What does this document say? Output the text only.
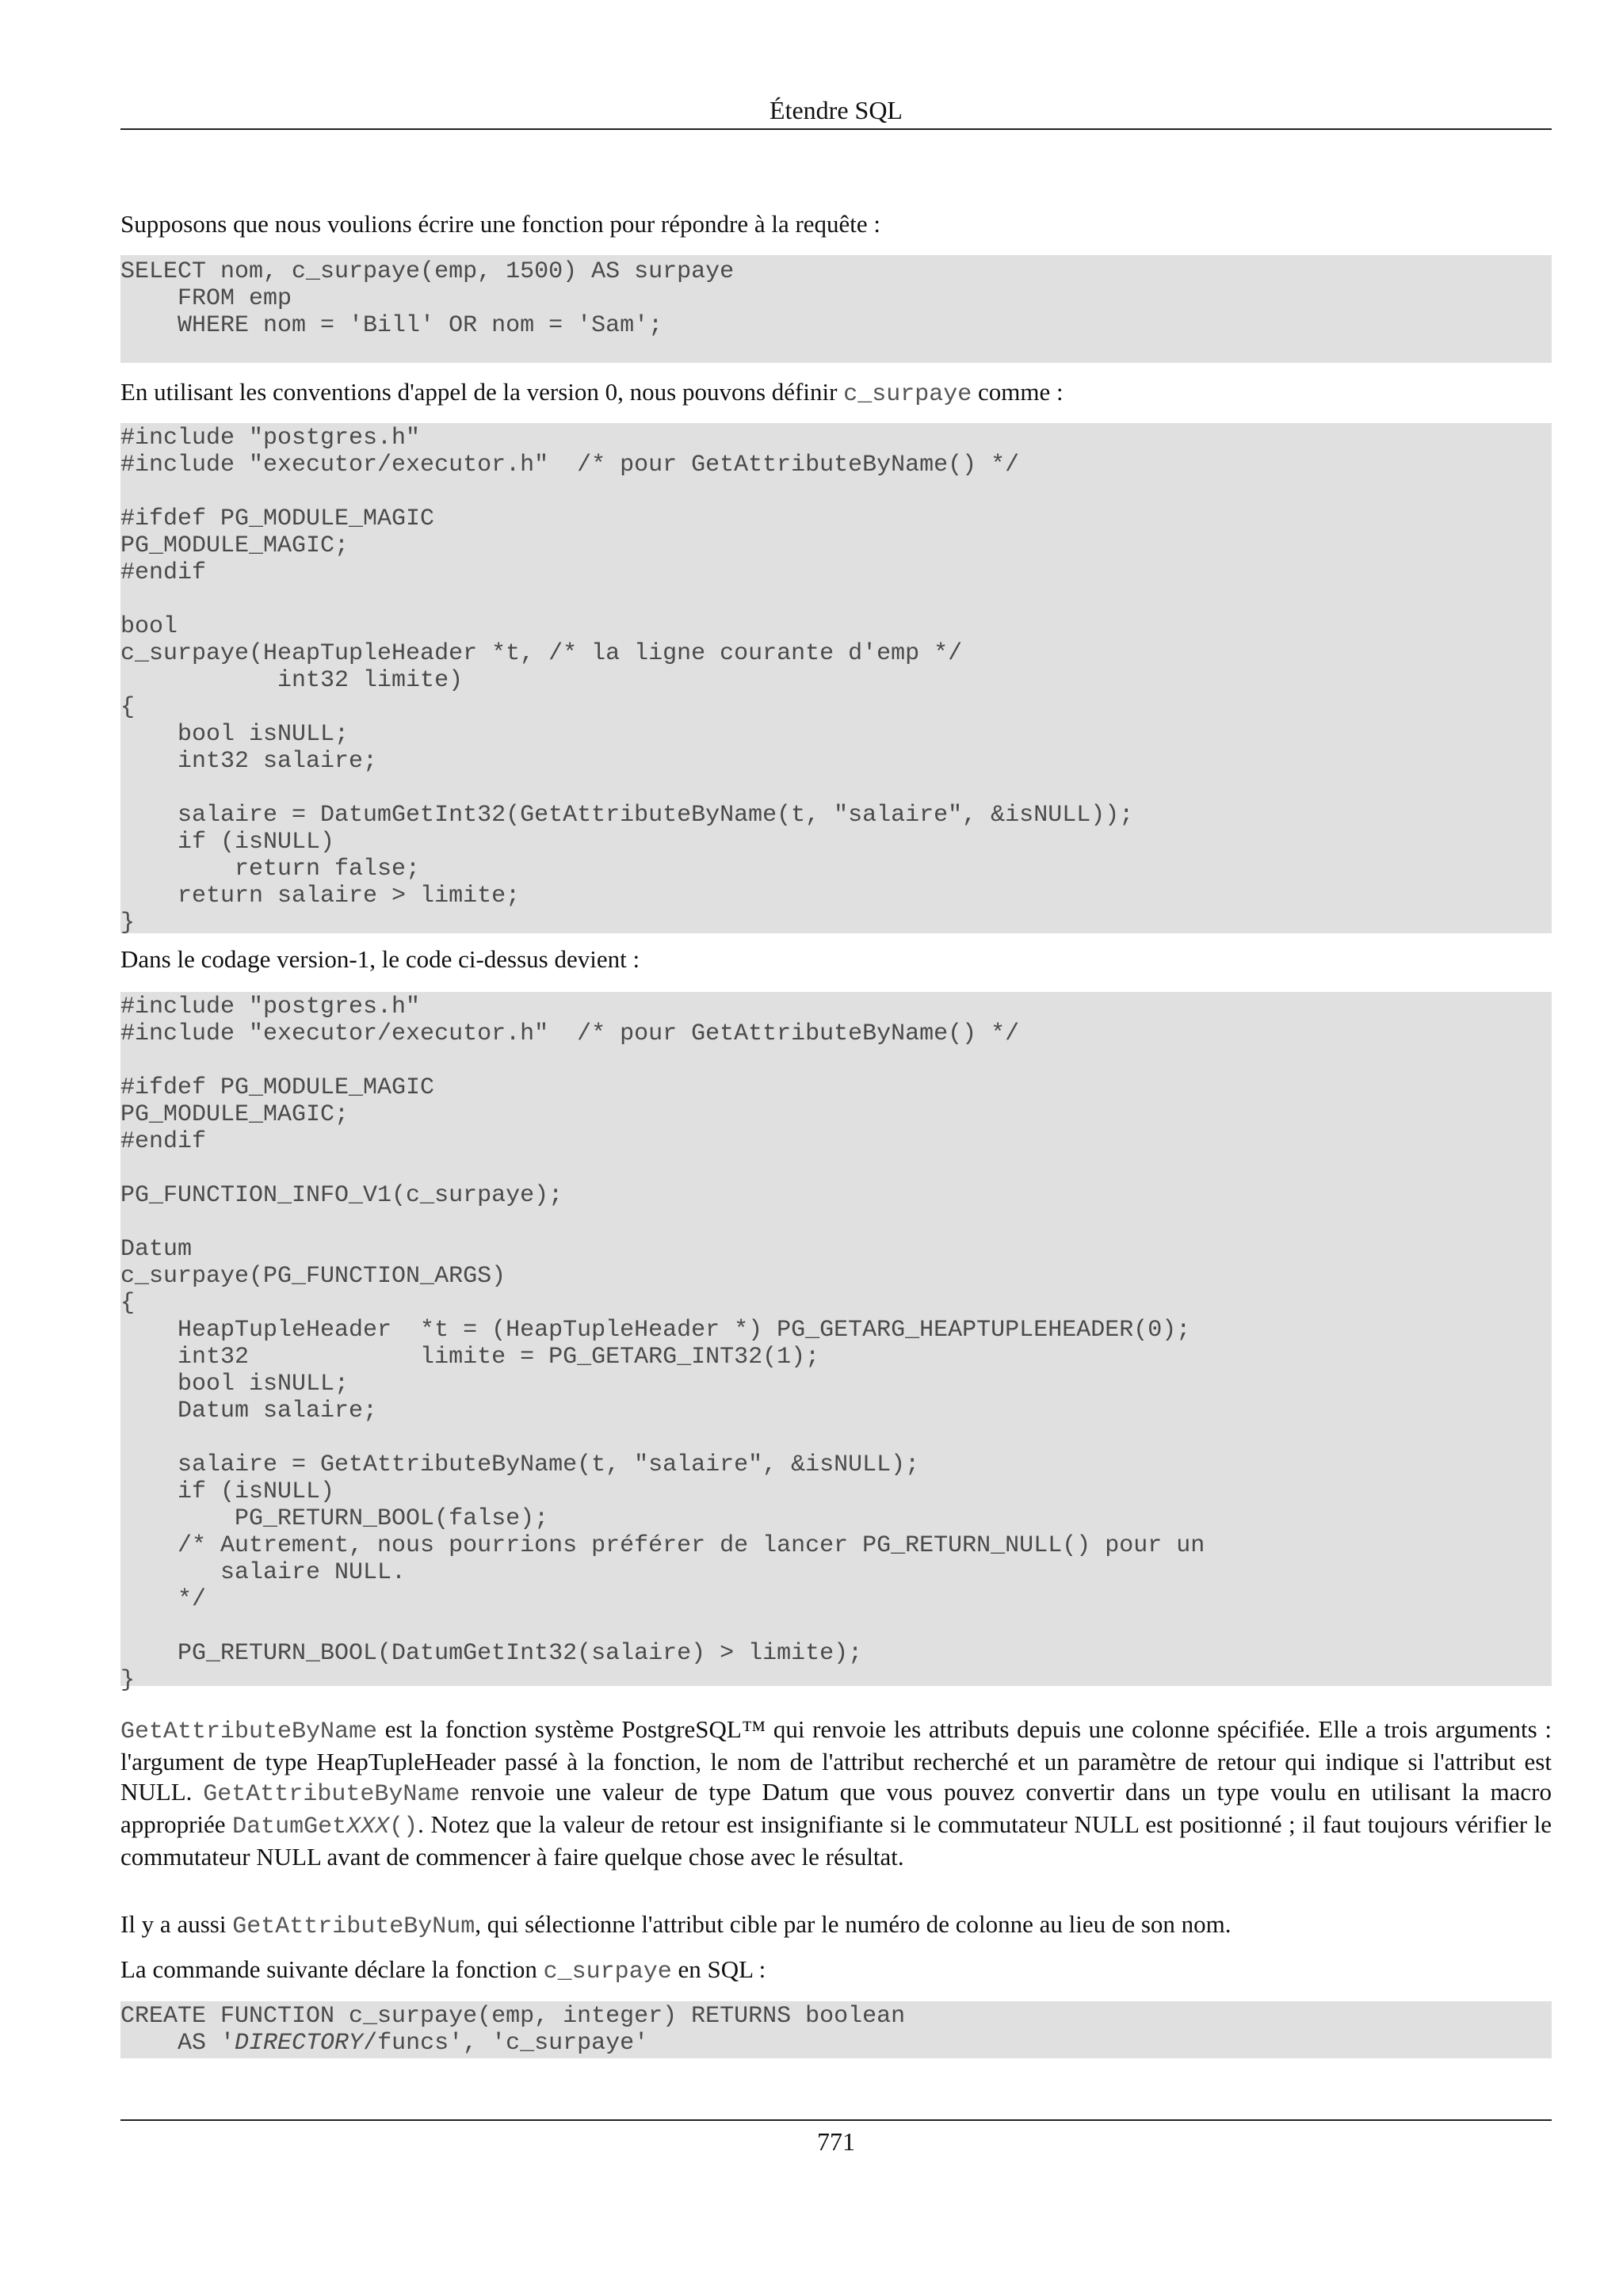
Étendre SQL

Supposons que nous voulions écrire une fonction pour répondre à la requête :

SELECT nom, c_surpaye(emp, 1500) AS surpaye
FROM emp
WHERE nom = 'Bill' OR nom = 'Sam';

En utilisant les conventions d'appel de la version 0, nous pouvons définir c_surpaye comme :

#include "postgres.h"
#include "executor/executor.h"  /* pour GetAttributeByName() */

#ifdef PG_MODULE_MAGIC
PG_MODULE_MAGIC;
#endif

bool
c_surpaye(HeapTupleHeader *t, /* la ligne courante d'emp */
int32 limite)
{
bool isNULL;
int32 salaire;

salaire = DatumGetInt32(GetAttributeByName(t, "salaire", &isNULL));
if (isNULL)
return false;
return salaire > limite;
}

Dans le codage version-1, le code ci-dessus devient :

#include "postgres.h"
#include "executor/executor.h"  /* pour GetAttributeByName() */

#ifdef PG_MODULE_MAGIC
PG_MODULE_MAGIC;
#endif

PG_FUNCTION_INFO_V1(c_surpaye);

Datum
c_surpaye(PG_FUNCTION_ARGS)
{
HeapTupleHeader  *t = (HeapTupleHeader *) PG_GETARG_HEAPTUPLEHEADER(0);
int32            limite = PG_GETARG_INT32(1);
bool isNULL;
Datum salaire;

salaire = GetAttributeByName(t, "salaire", &isNULL);
if (isNULL)
PG_RETURN_BOOL(false);
/* Autrement, nous pourrions préférer de lancer PG_RETURN_NULL() pour un
salaire NULL.
*/

PG_RETURN_BOOL(DatumGetInt32(salaire) > limite);
}

GetAttributeByName est la fonction système PostgreSQL™ qui renvoie les attributs depuis une colonne spécifiée. Elle a trois arguments : l'argument de type HeapTupleHeader passé à la fonction, le nom de l'attribut recherché et un paramètre de retour qui indique si l'attribut est NULL. GetAttributeByName renvoie une valeur de type Datum que vous pouvez convertir dans un type voulu en utilisant la macro appropriée DatumGetXXX(). Notez que la valeur de retour est insignifiante si le commutateur NULL est positionné ; il faut toujours vérifier le commutateur NULL avant de commencer à faire quelque chose avec le résultat.

Il y a aussi GetAttributeByNum, qui sélectionne l'attribut cible par le numéro de colonne au lieu de son nom.

La commande suivante déclare la fonction c_surpaye en SQL :

CREATE FUNCTION c_surpaye(emp, integer) RETURNS boolean
AS 'DIRECTORY/funcs', 'c_surpaye'
771
